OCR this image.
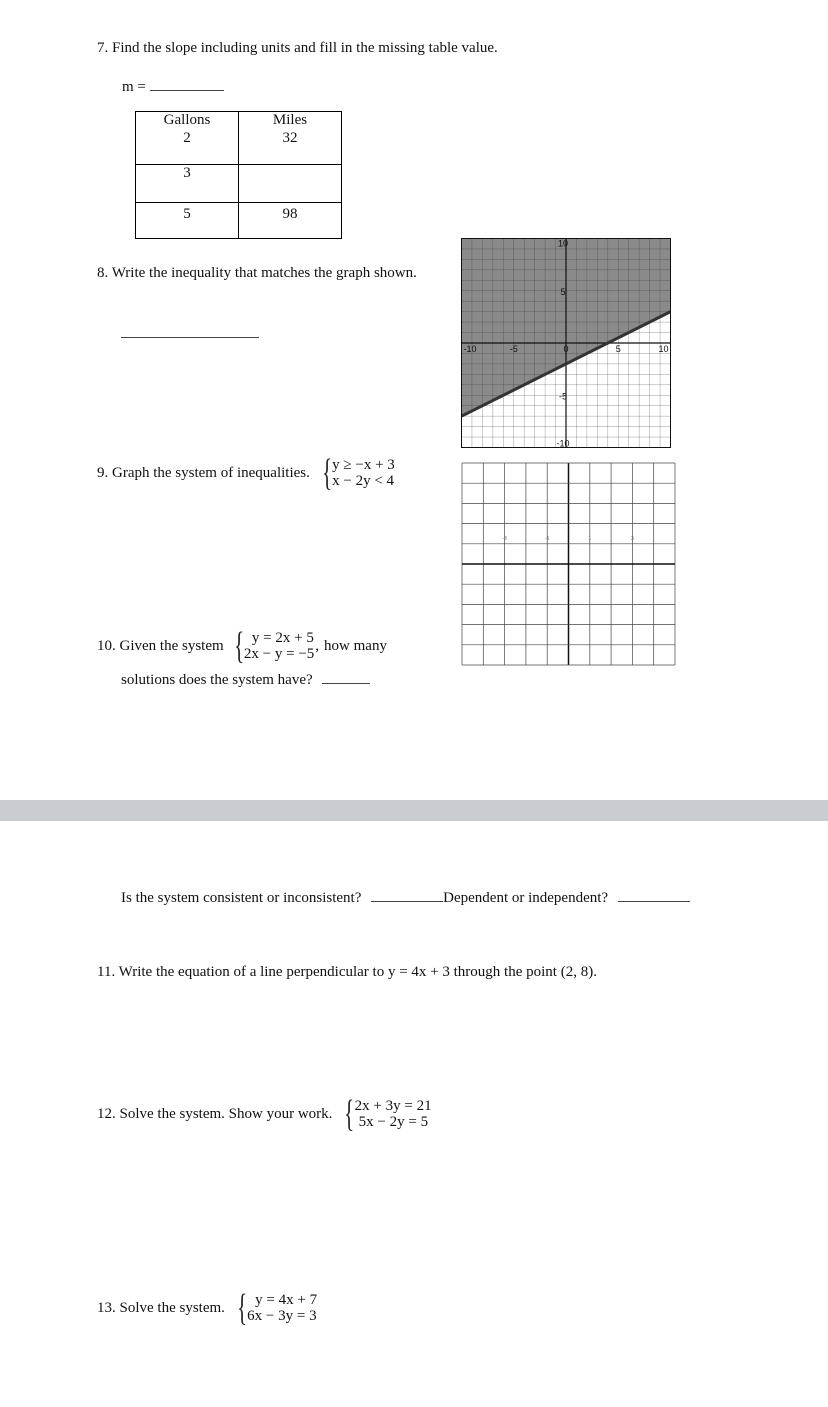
7. Find the slope including units and fill in the missing table value.
m =
Gallons	Miles
2	32
3	
5	98
8. Write the inequality that matches the graph shown.
-10	-5	0	5	10
10
5
-5
-10
9. Graph the system of inequalities. { y ≥ −x + 3
x − 2y < 4
-3	-1	1	3
10. Given the system { y = 2x + 5
2x − y = −5
, how many
solutions does the system have?
Is the system consistent or inconsistent?	Dependent or independent?
11. Write the equation of a line perpendicular to y = 4x + 3 through the point (2, 8).
12. Solve the system. Show your work. { 2x + 3y = 21
5x − 2y = 5
13. Solve the system. { y = 4x + 7
6x − 3y = 3
